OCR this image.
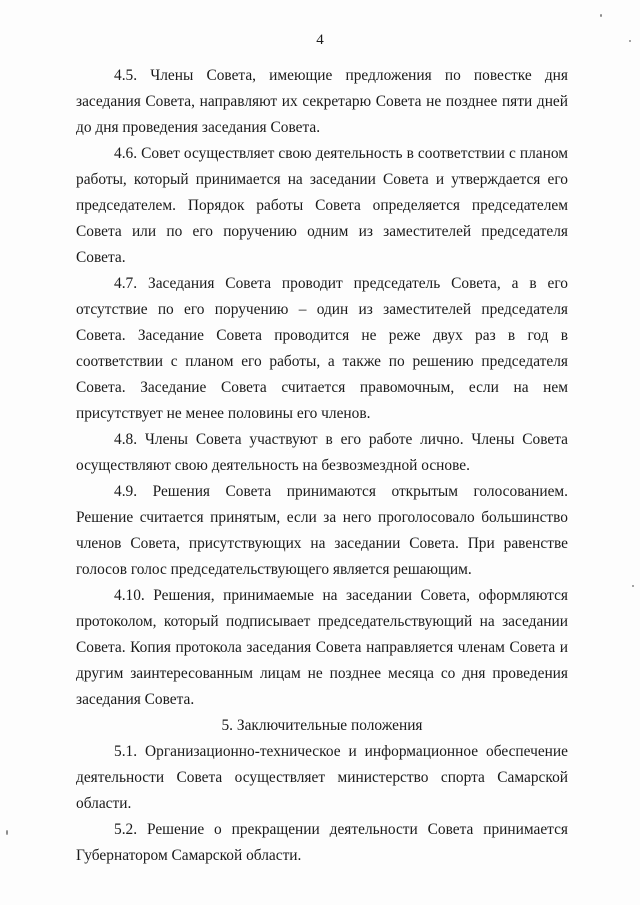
4

4.5. Члены Совета, имеющие предложения по повестке дня заседания Совета, направляют их секретарю Совета не позднее пяти дней до дня проведения заседания Совета.

4.6. Совет осуществляет свою деятельность в соответствии с планом работы, который принимается на заседании Совета и утверждается его председателем. Порядок работы Совета определяется председателем Совета или по его поручению одним из заместителей председателя Совета.

4.7. Заседания Совета проводит председатель Совета, а в его отсутствие по его поручению – один из заместителей председателя Совета. Заседание Совета проводится не реже двух раз в год в соответствии с планом его работы, а также по решению председателя Совета. Заседание Совета считается правомочным, если на нем присутствует не менее половины его членов.

4.8. Члены Совета участвуют в его работе лично. Члены Совета осуществляют свою деятельность на безвозмездной основе.

4.9. Решения Совета принимаются открытым голосованием. Решение считается принятым, если за него проголосовало большинство членов Совета, присутствующих на заседании Совета. При равенстве голосов голос председательствующего является решающим.

4.10. Решения, принимаемые на заседании Совета, оформляются протоколом, который подписывает председательствующий на заседании Совета. Копия протокола заседания Совета направляется членам Совета и другим заинтересованным лицам не позднее месяца со дня проведения заседания Совета.

5. Заключительные положения

5.1. Организационно-техническое и информационное обеспечение деятельности Совета осуществляет министерство спорта Самарской области.

5.2. Решение о прекращении деятельности Совета принимается Губернатором Самарской области.
